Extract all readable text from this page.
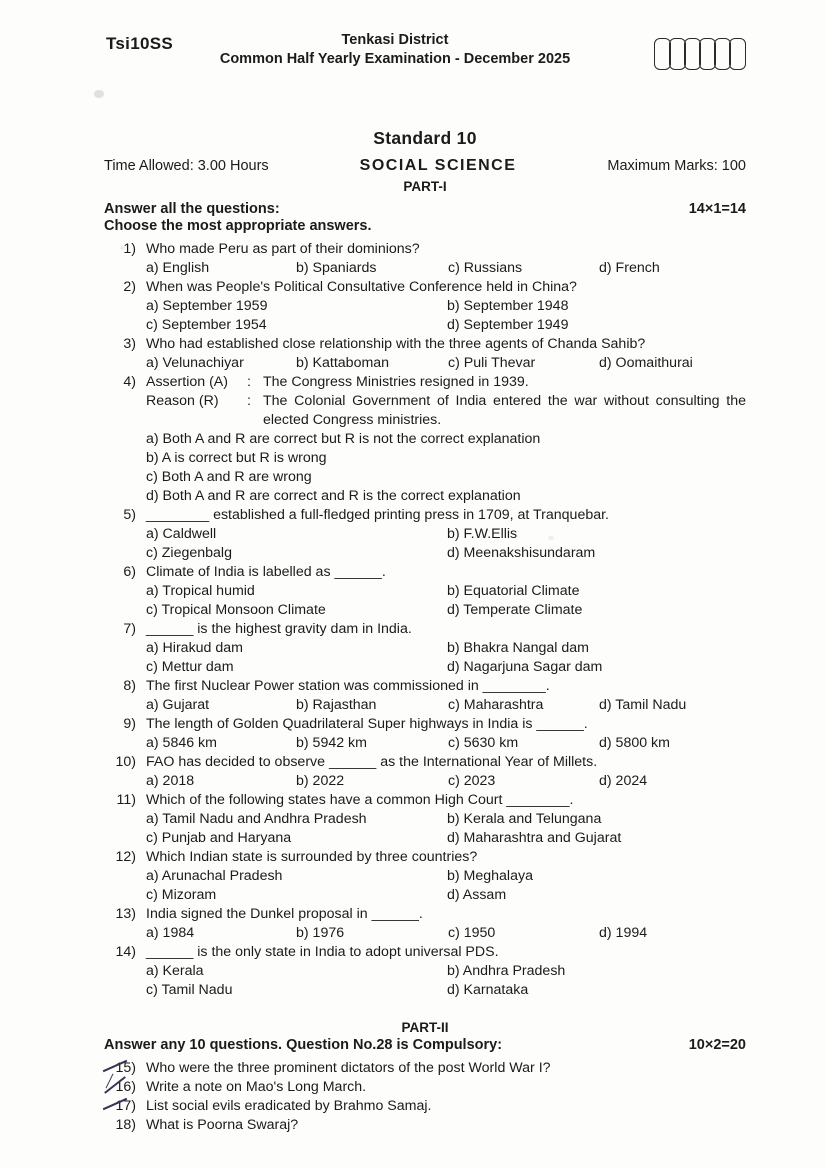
Tsi10SS	Tenkasi District
Common Half Yearly Examination - December 2025
Standard 10
Time Allowed: 3.00 Hours	SOCIAL SCIENCE	Maximum Marks: 100
PART-I
Answer all the questions:	14×1=14
Choose the most appropriate answers.
1) Who made Peru as part of their dominions?
a) English	b) Spaniards	c) Russians	d) French
2) When was People's Political Consultative Conference held in China?
a) September 1959	b) September 1948
c) September 1954	d) September 1949
3) Who had established close relationship with the three agents of Chanda Sahib?
a) Velunachiyar	b) Kattaboman	c) Puli Thevar	d) Oomaithurai
4) Assertion (A)	: The Congress Ministries resigned in 1939.
Reason (R)	: The Colonial Government of India entered the war without consulting the elected Congress ministries.
a) Both A and R are correct but R is not the correct explanation
b) A is correct but R is wrong
c) Both A and R are wrong
d) Both A and R are correct and R is the correct explanation
5) ________ established a full-fledged printing press in 1709, at Tranquebar.
a) Caldwell	b) F.W.Ellis
c) Ziegenbalg	d) Meenakshisundaram
6) Climate of India is labelled as ______.
a) Tropical humid	b) Equatorial Climate
c) Tropical Monsoon Climate	d) Temperate Climate
7) ______ is the highest gravity dam in India.
a) Hirakud dam	b) Bhakra Nangal dam
c) Mettur dam	d) Nagarjuna Sagar dam
8) The first Nuclear Power station was commissioned in ________.
a) Gujarat	b) Rajasthan	c) Maharashtra	d) Tamil Nadu
9) The length of Golden Quadrilateral Super highways in India is ______.
a) 5846 km	b) 5942 km	c) 5630 km	d) 5800 km
10) FAO has decided to observe ______ as the International Year of Millets.
a) 2018	b) 2022	c) 2023	d) 2024
11) Which of the following states have a common High Court ________.
a) Tamil Nadu and Andhra Pradesh	b) Kerala and Telungana
c) Punjab and Haryana	d) Maharashtra and Gujarat
12) Which Indian state is surrounded by three countries?
a) Arunachal Pradesh	b) Meghalaya
c) Mizoram	d) Assam
13) India signed the Dunkel proposal in ______.
a) 1984	b) 1976	c) 1950	d) 1994
14) ______ is the only state in India to adopt universal PDS.
a) Kerala	b) Andhra Pradesh
c) Tamil Nadu	d) Karnataka
PART-II
Answer any 10 questions. Question No.28 is Compulsory:	10×2=20
15) Who were the three prominent dictators of the post World War I?
16) Write a note on Mao's Long March.
17) List social evils eradicated by Brahmo Samaj.
18) What is Poorna Swaraj?
